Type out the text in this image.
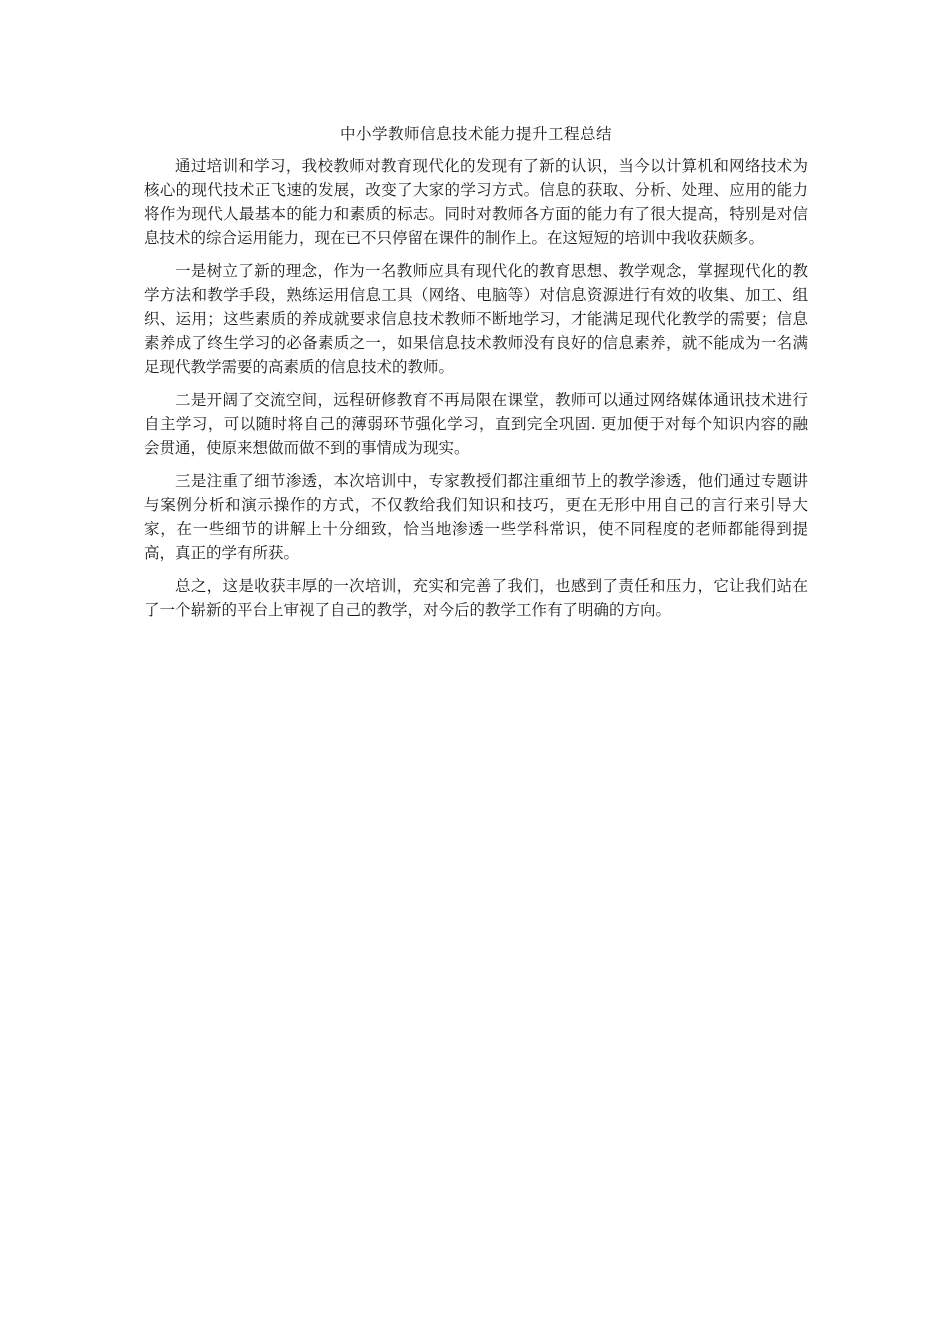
中小学教师信息技术能力提升工程总结

通过培训和学习，我校教师对教育现代化的发现有了新的认识，当今以计算机和网络技术为核心的现代技术正飞速的发展，改变了大家的学习方式。信息的获取、分析、处理、应用的能力将作为现代人最基本的能力和素质的标志。同时对教师各方面的能力有了很大提高，特别是对信息技术的综合运用能力，现在已不只停留在课件的制作上。在这短短的培训中我收获颇多。

一是树立了新的理念，作为一名教师应具有现代化的教育思想、教学观念，掌握现代化的教学方法和教学手段，熟练运用信息工具（网络、电脑等）对信息资源进行有效的收集、加工、组织、运用；这些素质的养成就要求信息技术教师不断地学习，才能满足现代化教学的需要；信息素养成了终生学习的必备素质之一，如果信息技术教师没有良好的信息素养，就不能成为一名满足现代教学需要的高素质的信息技术的教师。

二是开阔了交流空间，远程研修教育不再局限在课堂，教师可以通过网络媒体通讯技术进行自主学习，可以随时将自己的薄弱环节强化学习，直到完全巩固. 更加便于对每个知识内容的融 会贯通，使原来想做而做不到的事情成为现实。

三是注重了细节渗透，本次培训中，专家教授们都注重细节上的教学渗透，他们通过专题讲与案例分析和演示操作的方式，不仅教给我们知识和技巧，更在无形中用自己的言行来引导大家，在一些细节的讲解上十分细致，恰当地渗透一些学科常识，使不同程度的老师都能得到提高，真正的学有所获。

总之，这是收获丰厚的一次培训，充实和完善了我们，也感到了责任和压力，它让我们站在了一个崭新的平台上审视了自己的教学，对今后的教学工作有了明确的方向。
